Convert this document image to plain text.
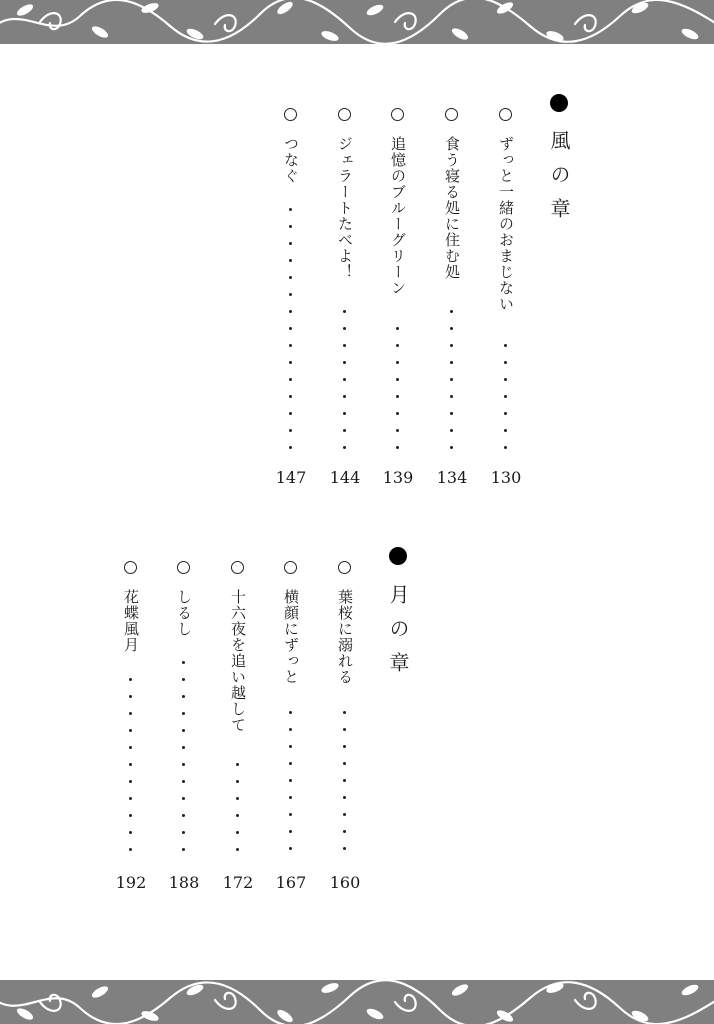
風の章
ずっと一緒のおまじない
130
食う寝る処に住む処
134
追憶のブルーグリーン
139
ジェラートたべよ！
144
つなぐ
147
月の章
葉桜に溺れる
160
横顔にずっと
167
十六夜を追い越して
172
しるし
188
花蝶風月
192
